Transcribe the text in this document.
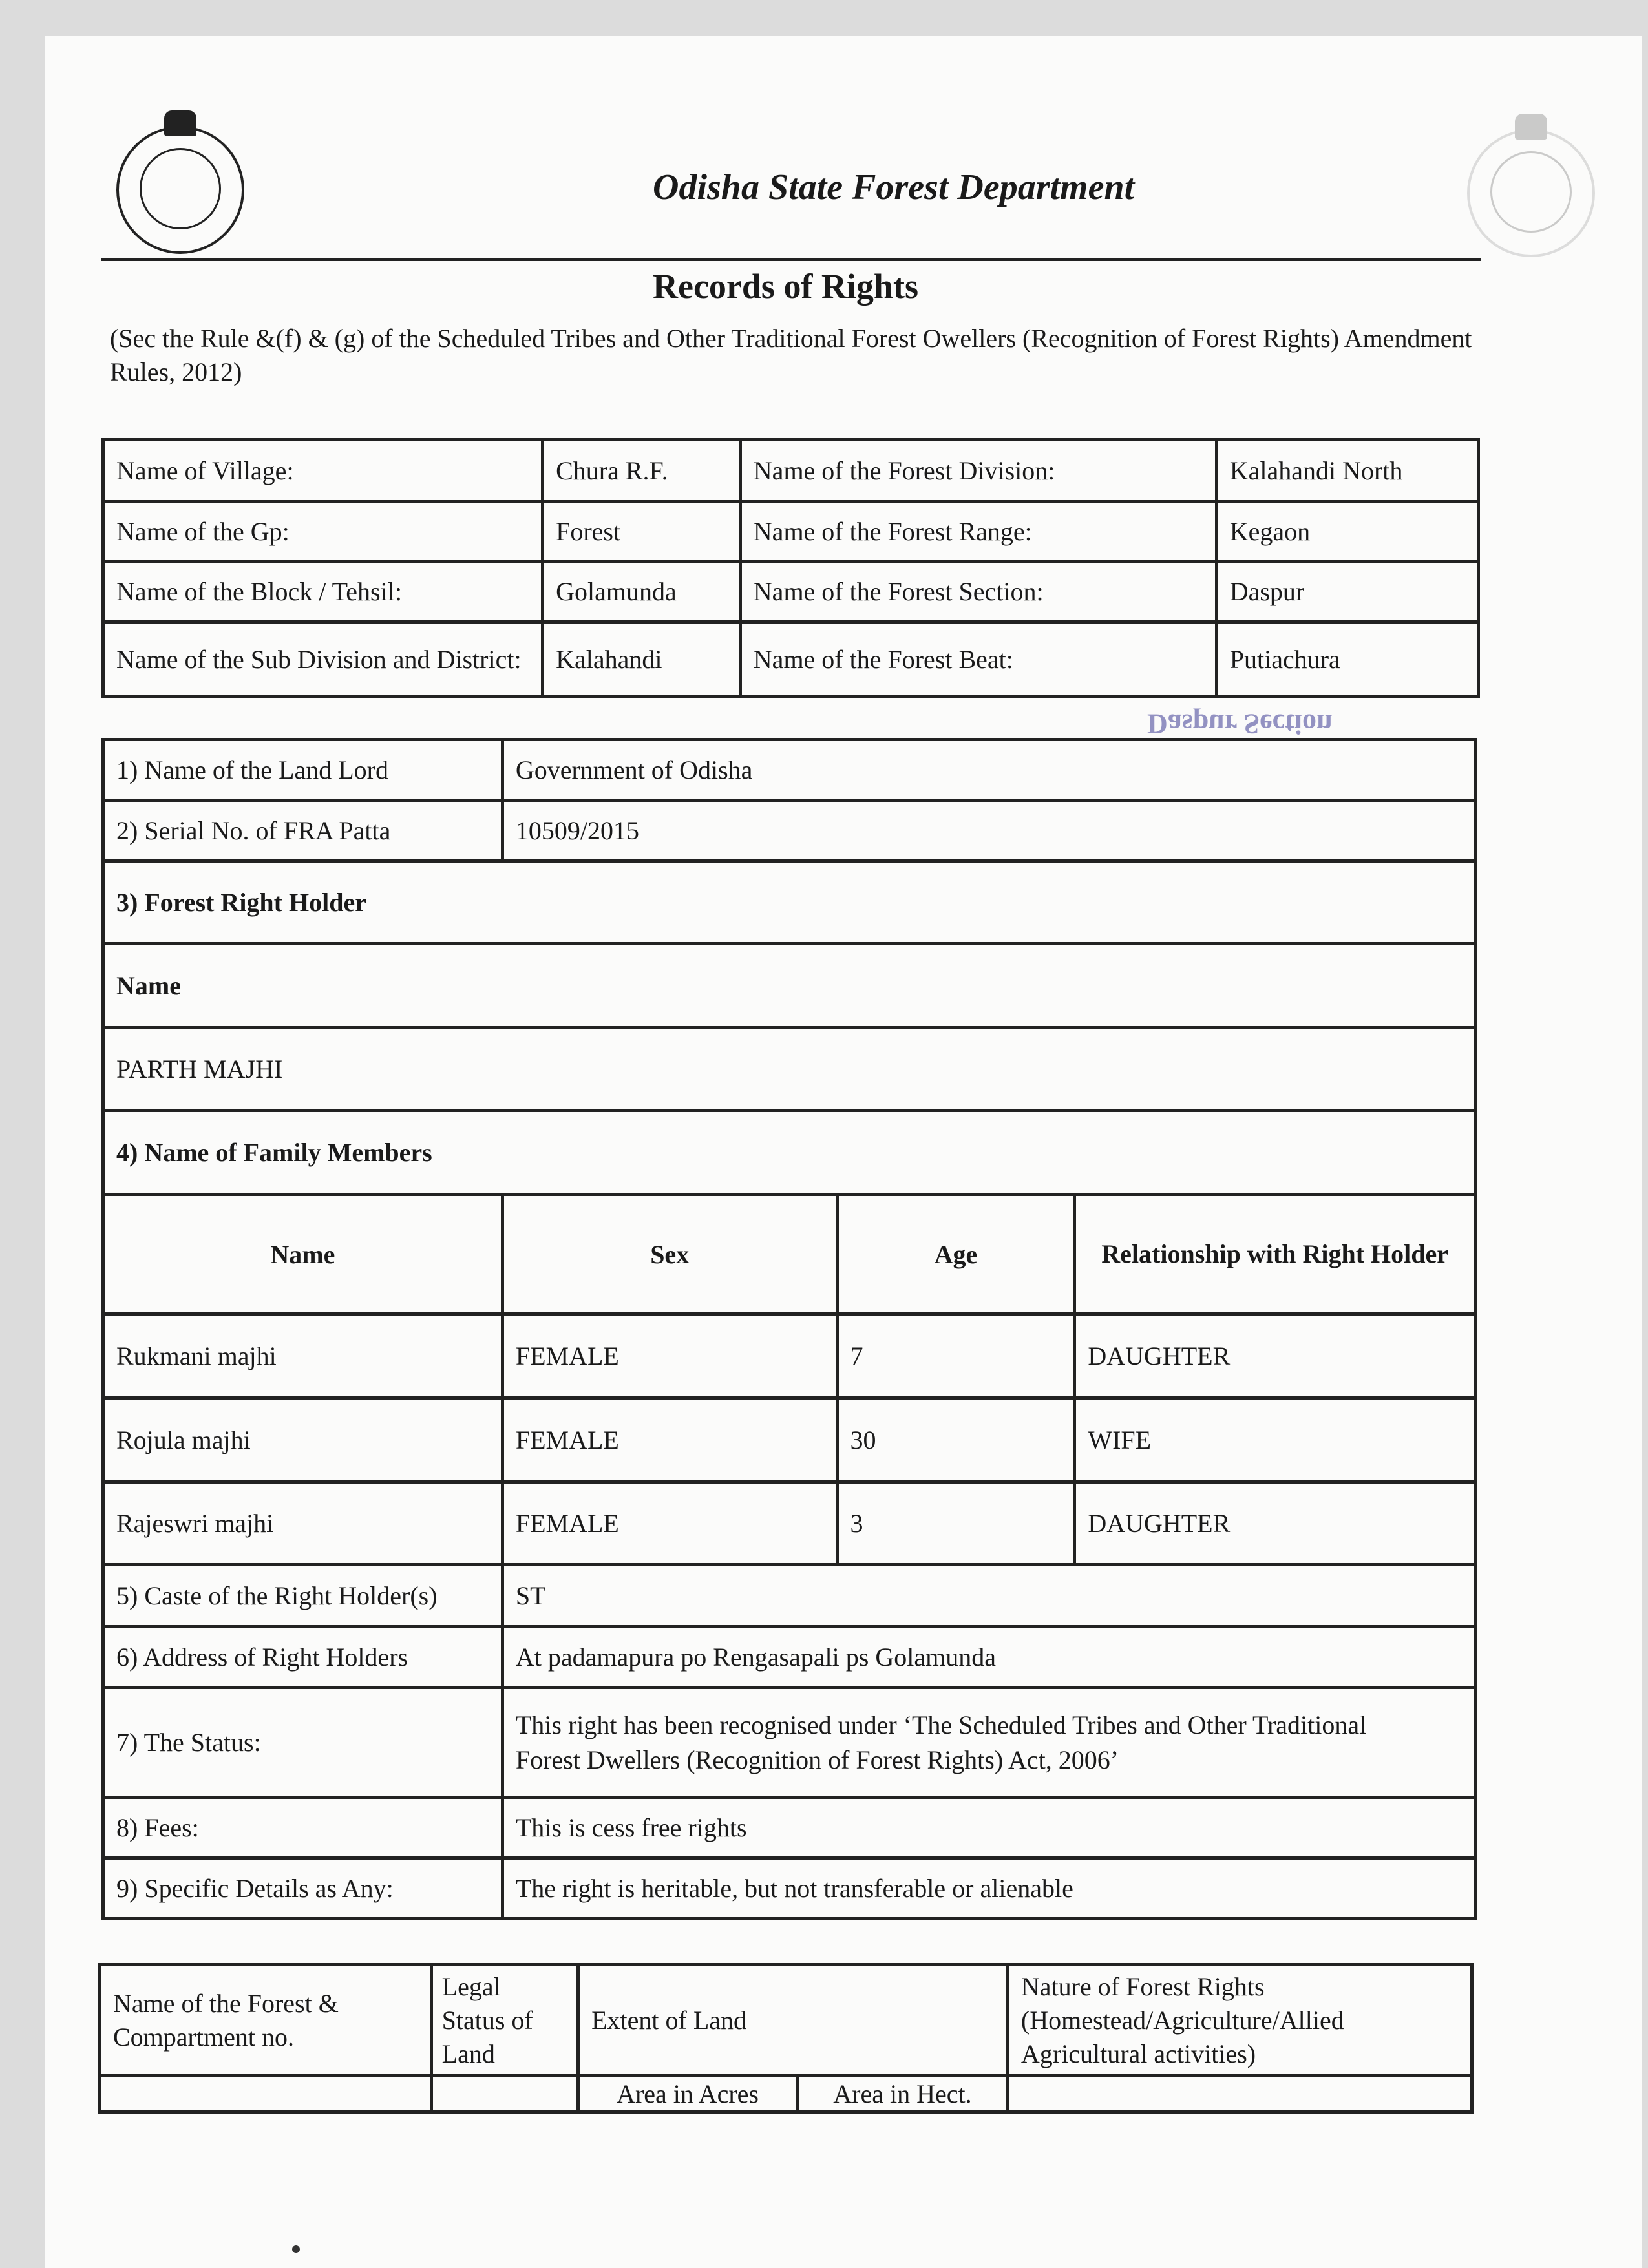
Odisha State Forest Department
Records of Rights
(Sec the Rule &(f) & (g) of the Scheduled Tribes and Other Traditional Forest Owellers (Recognition of Forest Rights) Amendment Rules, 2012)
Name of Village:	Chura R.F.	Name of the Forest Division:	Kalahandi North
Name of the Gp:	Forest	Name of the Forest Range:	Kegaon
Name of the Block / Tehsil:	Golamunda	Name of the Forest Section:	Daspur
Name of the Sub Division and District:	Kalahandi	Name of the Forest Beat:	Putiachura
1) Name of the Land Lord	Government of Odisha		
2) Serial No. of FRA Patta	10509/2015		
3) Forest Right Holder			
Name			
PARTH MAJHI			
4) Name of Family Members			
Name	Sex	Age	Relationship with Right Holder
Rukmani majhi	FEMALE	7	DAUGHTER
Rojula majhi	FEMALE	30	WIFE
Rajeswri majhi	FEMALE	3	DAUGHTER
5) Caste of the Right Holder(s)	ST		
6) Address of Right Holders	At padamapura po Rengasapali ps Golamunda		
7) The Status:	This right has been recognised under ‘The Scheduled Tribes and Other Traditional
Forest Dwellers (Recognition of Forest Rights) Act, 2006’		

8) Fees:	This is cess free rights		
9) Specific Details as Any:	The right is heritable, but not transferable or alienable		
Name of the Forest & Compartment no.	Legal Status of Land	Extent of Land		Nature of Forest Rights (Homestead/Agriculture/Allied Agricultural activities)
		Area in Acres	Area in Hect.	
Daspur Section
